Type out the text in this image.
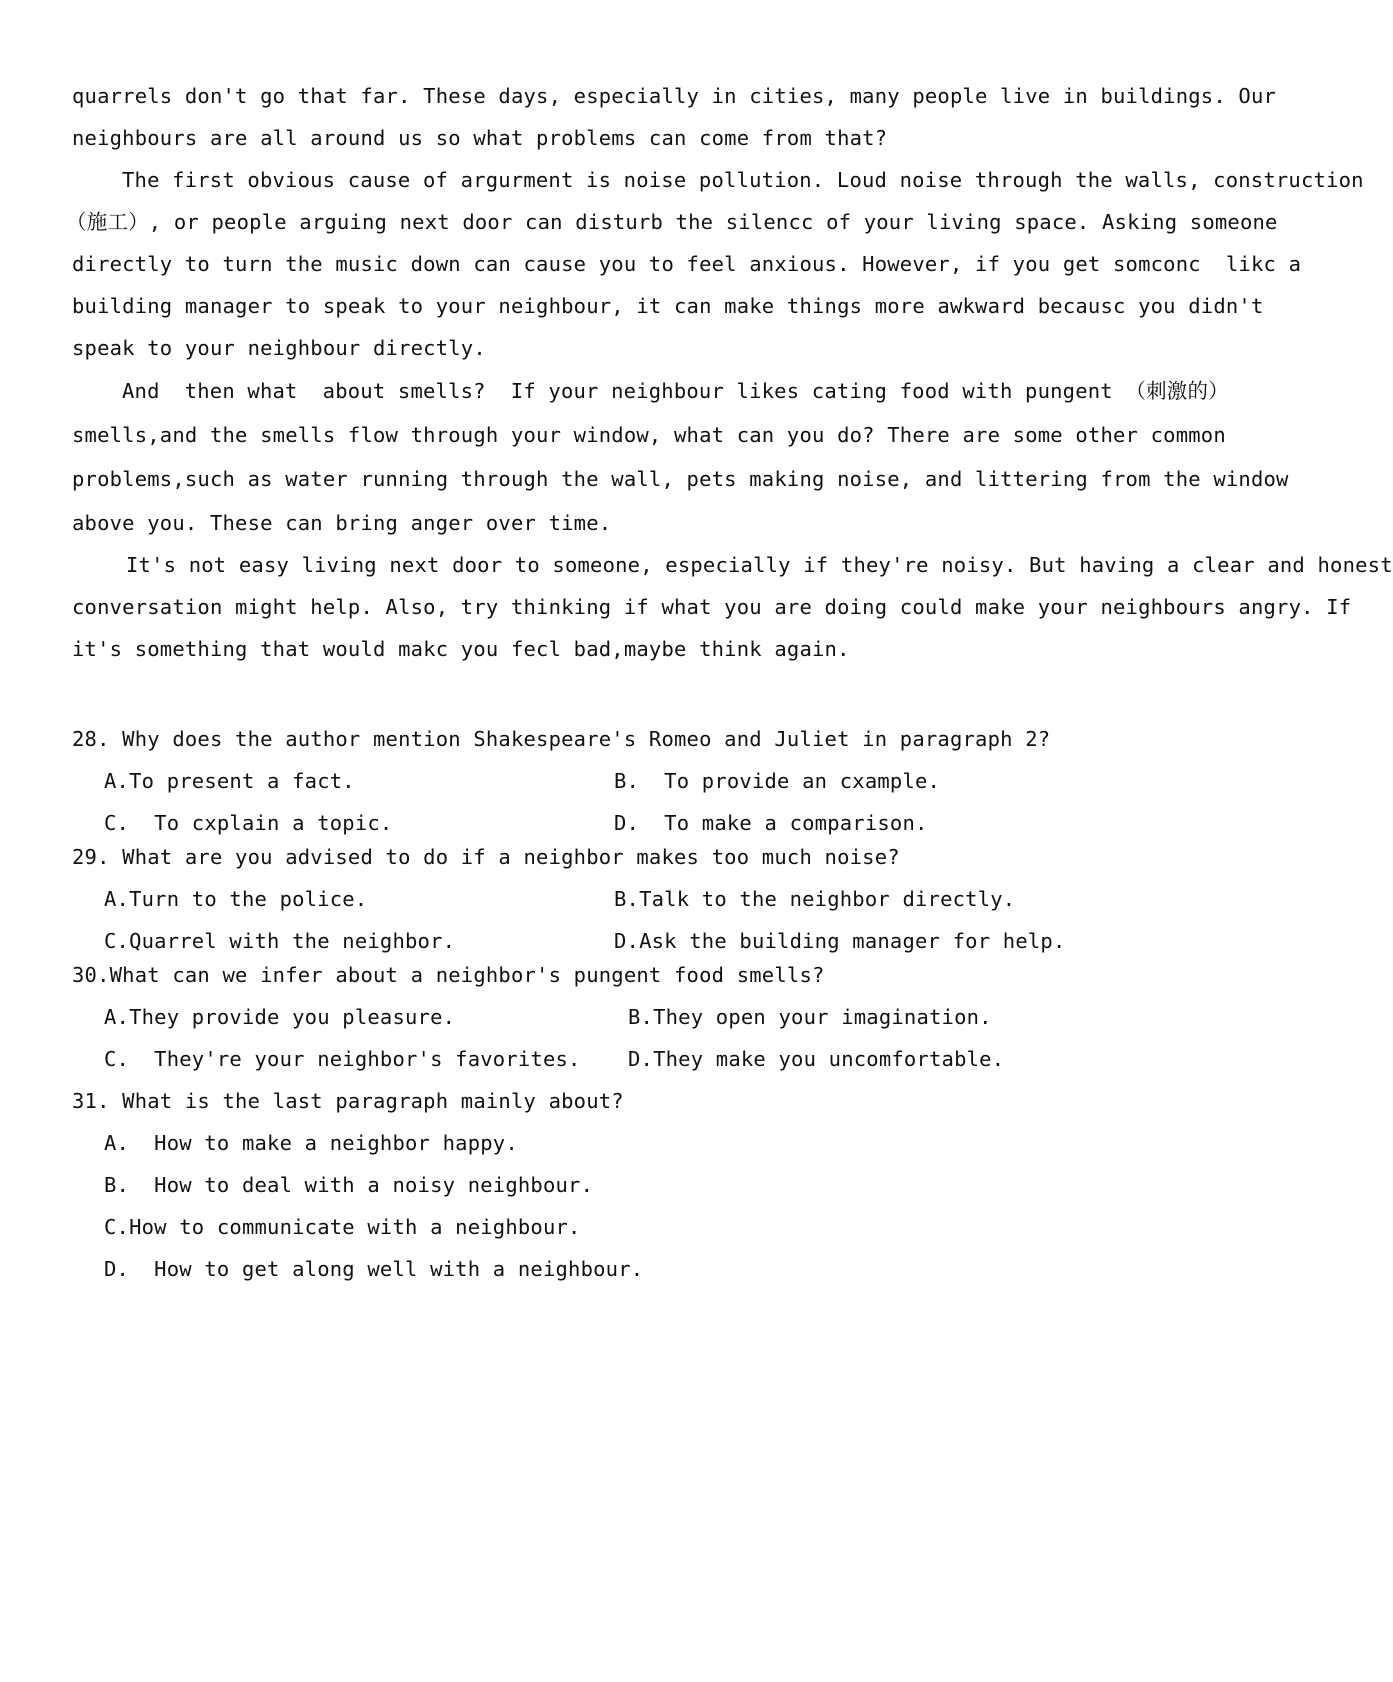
quarrels don't go that far. These days, especially in cities, many people live in buildings. Our
neighbours are all around us so what problems can come from that?
The first obvious cause of argurment is noise pollution. Loud noise through the walls, construction
（施工）, or people arguing next door can disturb the silencc of your living space. Asking someone
directly to turn the music down can cause you to feel anxious. However, if you get somconc  likc a
building manager to speak to your neighbour, it can make things more awkward becausc you didn't
speak to your neighbour directly.
And  then what  about smells?  If your neighbour likes cating food with pungent （刺激的）
smells,and the smells flow through your window, what can you do? There are some other common
problems,such as water running through the wall, pets making noise, and littering from the window
above you. These can bring anger over time.
It's not easy living next door to someone, especially if they're noisy. But having a clear and honest
conversation might help. Also, try thinking if what you are doing could make your neighbours angry. If
it's something that would makc you fecl bad,maybe think again.
28. Why does the author mention Shakespeare's Romeo and Juliet in paragraph 2?
A.To present a fact.	B.  To provide an cxample.
C.  To cxplain a topic.	D.  To make a comparison.
29. What are you advised to do if a neighbor makes too much noise?
A.Turn to the police.	B.Talk to the neighbor directly.
C.Quarrel with the neighbor.	D.Ask the building manager for help.
30.What can we infer about a neighbor's pungent food smells?
A.They provide you pleasure.	B.They open your imagination.
C.  They're your neighbor's favorites. D.They make you uncomfortable.
31. What is the last paragraph mainly about?
A.  How to make a neighbor happy.
B.  How to deal with a noisy neighbour.
C.How to communicate with a neighbour.
D.  How to get along well with a neighbour.
